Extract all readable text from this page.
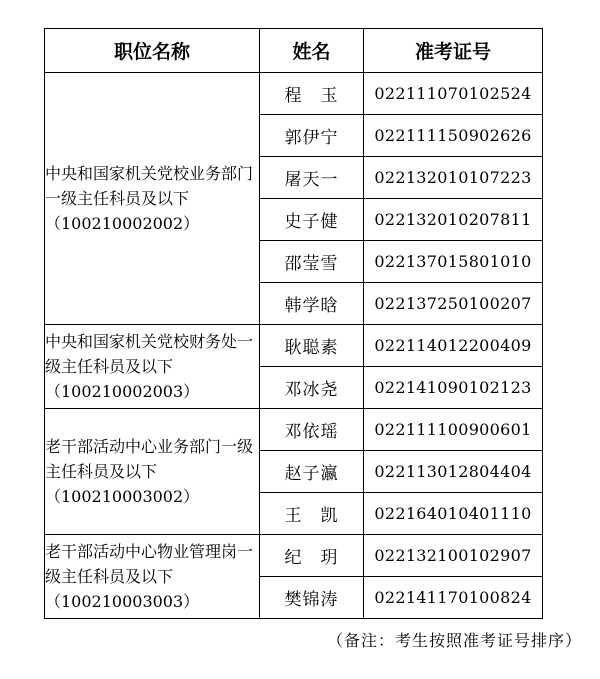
职位名称	姓名	准考证号
中央和国家机关党校业务部门一级主任科员及以下（100210002002）	程　玉	022111070102524
	郭伊宁	022111150902626
	屠天一	022132010107223
	史子健	022132010207811
	邵莹雪	022137015801010
	韩学晗	022137250100207
中央和国家机关党校财务处一级主任科员及以下（100210002003）	耿聪素	022114012200409
	邓冰尧	022141090102123
老干部活动中心业务部门一级主任科员及以下（100210003002）	邓依瑶	022111100900601
	赵子瀛	022113012804404
	王　凯	022164010401110
老干部活动中心物业管理岗一级主任科员及以下（100210003003）	纪　玥	022132100102907
	樊锦涛	022141170100824
（备注：考生按照准考证号排序）
